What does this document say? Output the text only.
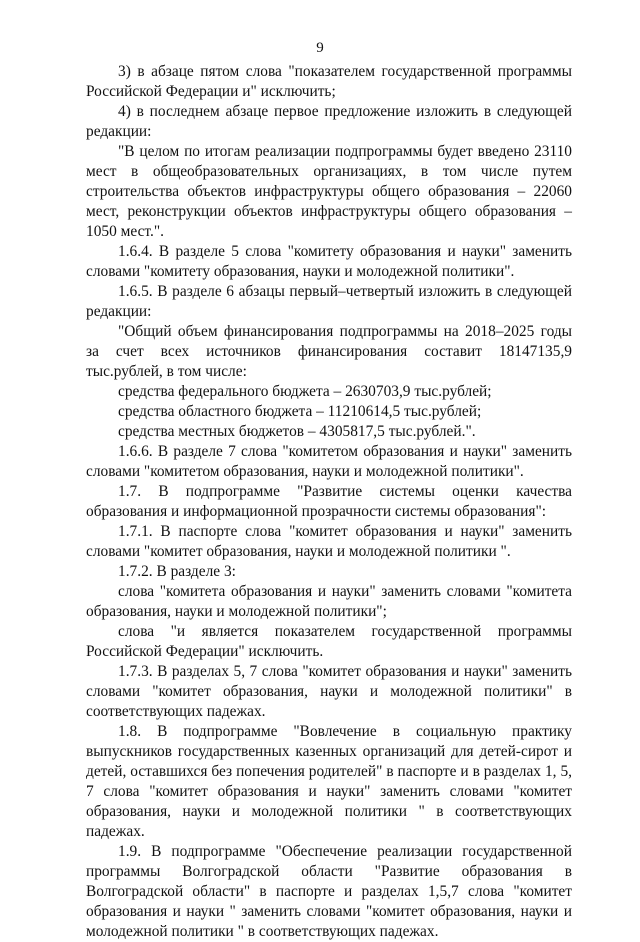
9

3) в абзаце пятом слова "показателем государственной программы Российской Федерации и" исключить;

4) в последнем абзаце первое предложение изложить в следующей редакции:

"В целом по итогам реализации подпрограммы будет введено 23110 мест в общеобразовательных организациях, в том числе путем строительства объектов инфраструктуры общего образования – 22060 мест, реконструкции объектов инфраструктуры общего образования – 1050 мест.".

1.6.4. В разделе 5 слова "комитету образования и науки" заменить словами "комитету образования, науки и молодежной политики".

1.6.5. В разделе 6 абзацы первый–четвертый изложить в следующей редакции:

"Общий объем финансирования подпрограммы на 2018–2025 годы за счет всех источников финансирования составит 18147135,9 тыс.рублей, в том числе:

средства федерального бюджета – 2630703,9 тыс.рублей;

средства областного бюджета – 11210614,5 тыс.рублей;

средства местных бюджетов – 4305817,5 тыс.рублей.".

1.6.6. В разделе 7 слова "комитетом образования и науки" заменить словами "комитетом образования, науки и молодежной политики".

1.7. В подпрограмме "Развитие системы оценки качества образования и информационной прозрачности системы образования":

1.7.1. В паспорте слова "комитет образования и науки" заменить словами "комитет образования, науки и молодежной политики ".

1.7.2. В разделе 3:

слова "комитета образования и науки" заменить словами "комитета образования, науки и молодежной политики";

слова "и является показателем государственной программы Российской Федерации" исключить.

1.7.3. В разделах 5, 7 слова "комитет образования и науки" заменить словами "комитет образования, науки и молодежной политики" в соответствующих падежах.

1.8. В подпрограмме "Вовлечение в социальную практику выпускников государственных казенных организаций для детей-сирот и детей, оставшихся без попечения родителей" в паспорте и в разделах 1, 5, 7 слова "комитет образования и науки" заменить словами "комитет образования, науки и молодежной политики " в соответствующих падежах.

1.9. В подпрограмме "Обеспечение реализации государственной программы Волгоградской области "Развитие образования в Волгоградской области" в паспорте и разделах 1,5,7 слова "комитет образования и науки " заменить словами "комитет образования, науки и молодежной политики " в соответствующих падежах.
